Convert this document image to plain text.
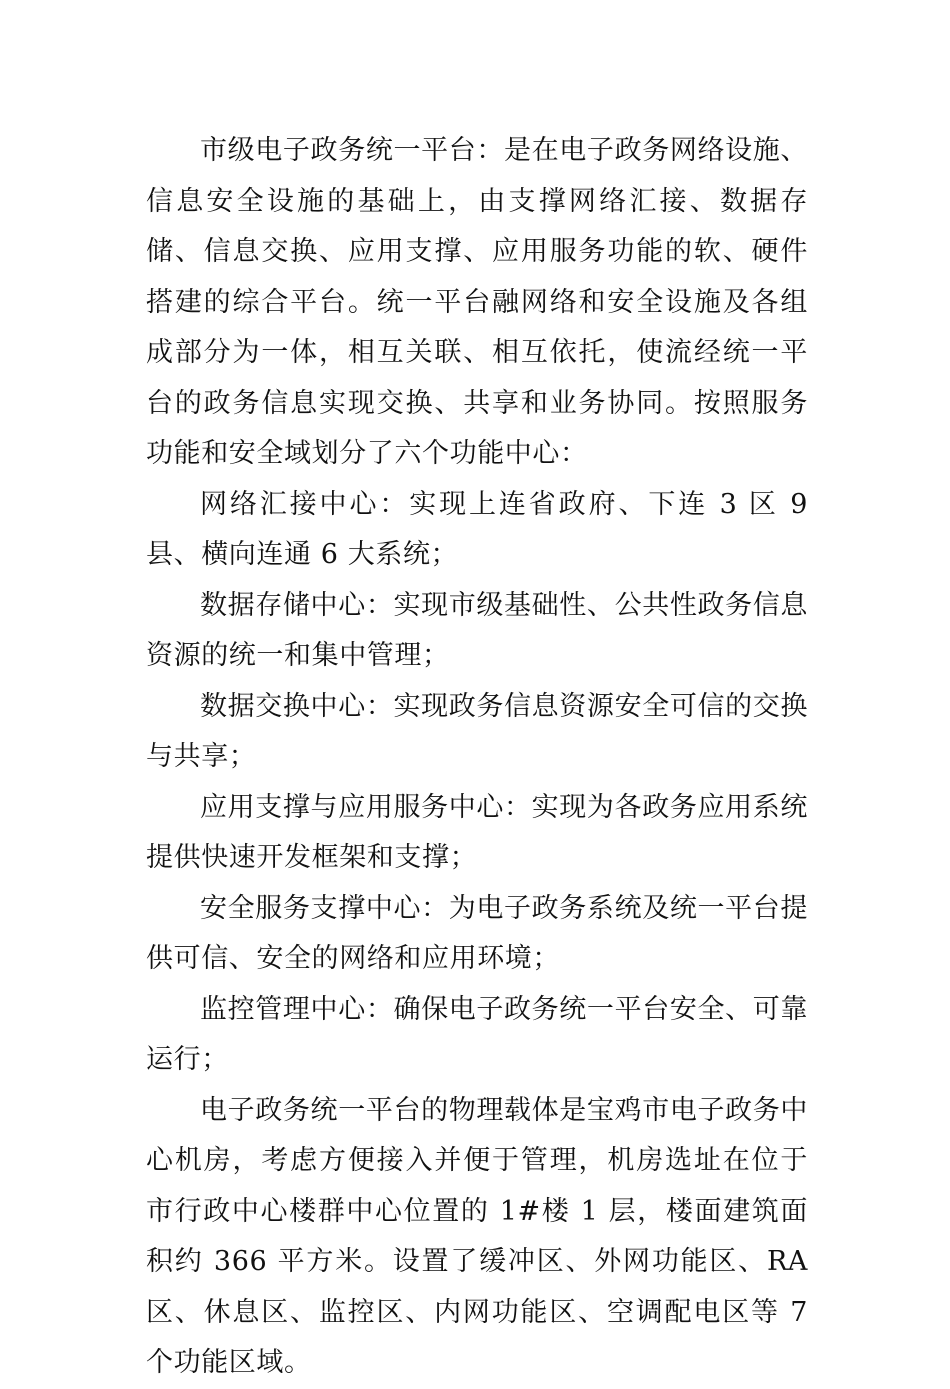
市级电子政务统一平台：是在电子政务网络设施、信息安全设施的基础上，由支撑网络汇接、数据存储、信息交换、应用支撑、应用服务功能的软、硬件搭建的综合平台。统一平台融网络和安全设施及各组成部分为一体，相互关联、相互依托，使流经统一平台的政务信息实现交换、共享和业务协同。按照服务功能和安全域划分了六个功能中心：

网络汇接中心：实现上连省政府、下连 3 区 9 县、横向连通 6 大系统；

数据存储中心：实现市级基础性、公共性政务信息资源的统一和集中管理；

数据交换中心：实现政务信息资源安全可信的交换与共享；

应用支撑与应用服务中心：实现为各政务应用系统提供快速开发框架和支撑；

安全服务支撑中心：为电子政务系统及统一平台提供可信、安全的网络和应用环境；

监控管理中心：确保电子政务统一平台安全、可靠运行；

电子政务统一平台的物理载体是宝鸡市电子政务中心机房，考虑方便接入并便于管理，机房选址在位于市行政中心楼群中心位置的 1#楼 1 层，楼面建筑面积约 366 平方米。设置了缓冲区、外网功能区、RA 区、休息区、监控区、内网功能区、空调配电区等 7 个功能区域。
